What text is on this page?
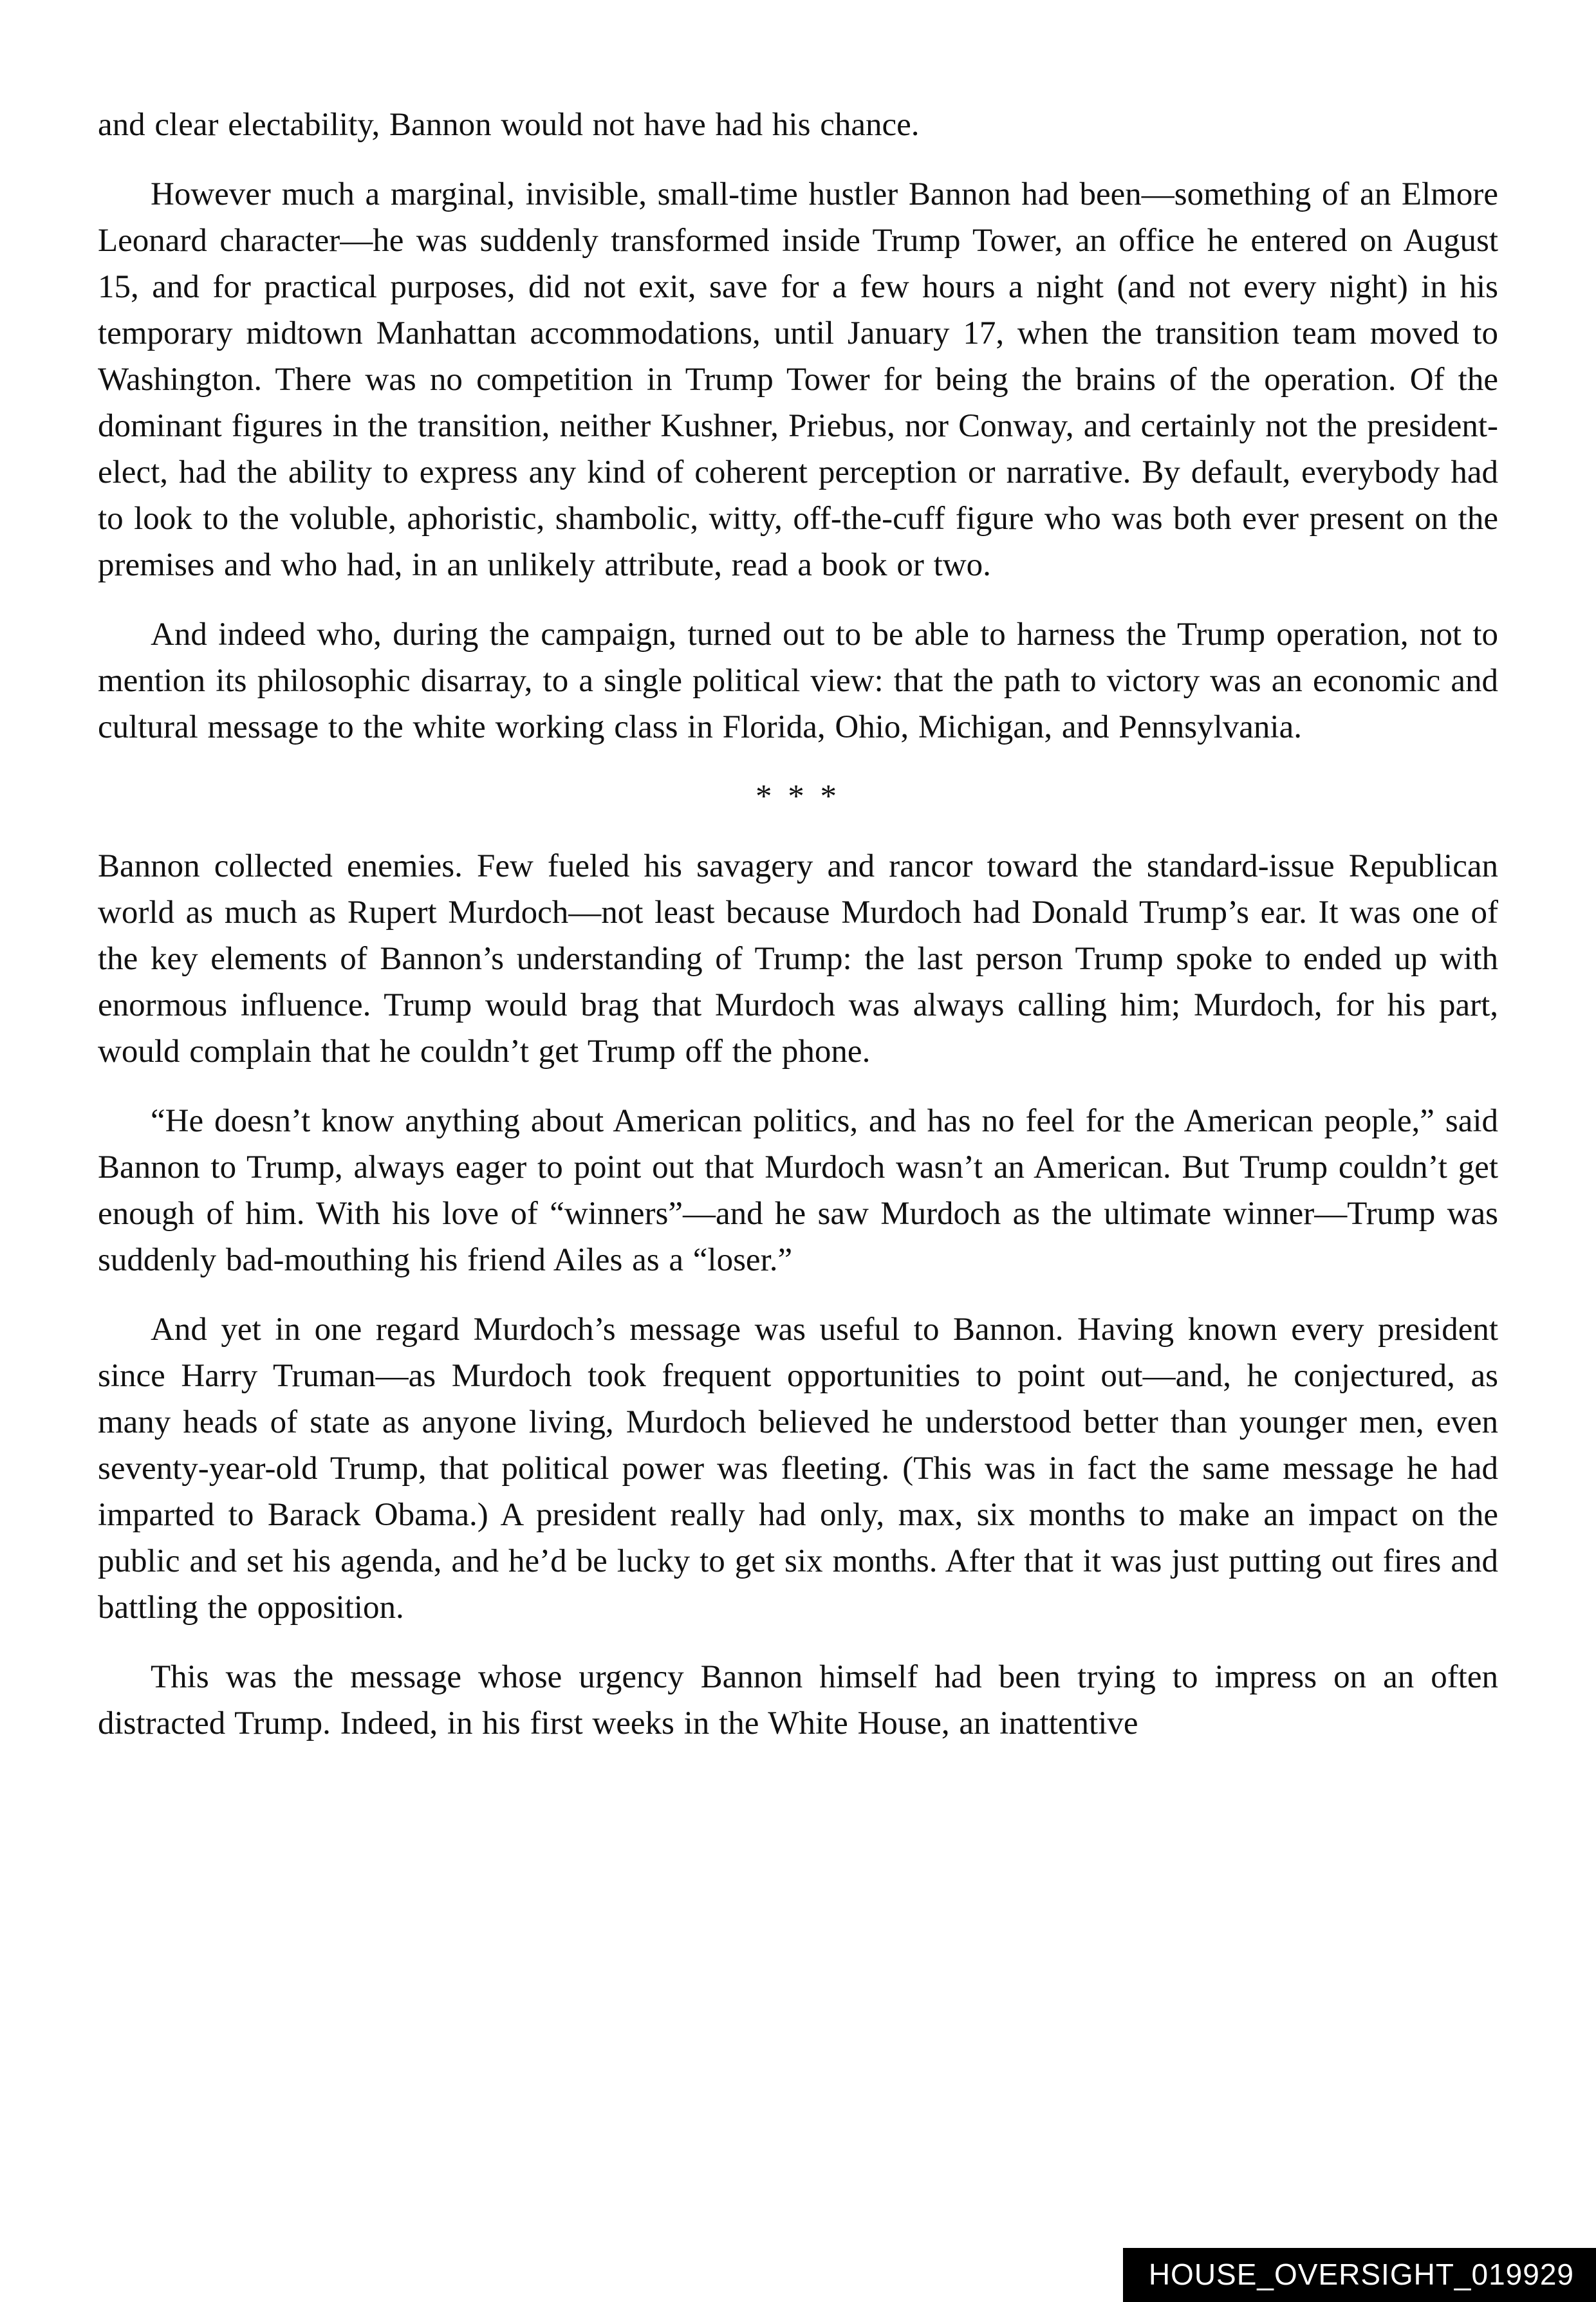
and clear electability, Bannon would not have had his chance.

However much a marginal, invisible, small-time hustler Bannon had been—something of an Elmore Leonard character—he was suddenly transformed inside Trump Tower, an office he entered on August 15, and for practical purposes, did not exit, save for a few hours a night (and not every night) in his temporary midtown Manhattan accommodations, until January 17, when the transition team moved to Washington. There was no competition in Trump Tower for being the brains of the operation. Of the dominant figures in the transition, neither Kushner, Priebus, nor Conway, and certainly not the president-elect, had the ability to express any kind of coherent perception or narrative. By default, everybody had to look to the voluble, aphoristic, shambolic, witty, off-the-cuff figure who was both ever present on the premises and who had, in an unlikely attribute, read a book or two.

And indeed who, during the campaign, turned out to be able to harness the Trump operation, not to mention its philosophic disarray, to a single political view: that the path to victory was an economic and cultural message to the white working class in Florida, Ohio, Michigan, and Pennsylvania.

* * *

Bannon collected enemies. Few fueled his savagery and rancor toward the standard-issue Republican world as much as Rupert Murdoch—not least because Murdoch had Donald Trump’s ear. It was one of the key elements of Bannon’s understanding of Trump: the last person Trump spoke to ended up with enormous influence. Trump would brag that Murdoch was always calling him; Murdoch, for his part, would complain that he couldn’t get Trump off the phone.

“He doesn’t know anything about American politics, and has no feel for the American people,” said Bannon to Trump, always eager to point out that Murdoch wasn’t an American. But Trump couldn’t get enough of him. With his love of “winners”—and he saw Murdoch as the ultimate winner—Trump was suddenly bad-mouthing his friend Ailes as a “loser.”

And yet in one regard Murdoch’s message was useful to Bannon. Having known every president since Harry Truman—as Murdoch took frequent opportunities to point out—and, he conjectured, as many heads of state as anyone living, Murdoch believed he understood better than younger men, even seventy-year-old Trump, that political power was fleeting. (This was in fact the same message he had imparted to Barack Obama.) A president really had only, max, six months to make an impact on the public and set his agenda, and he’d be lucky to get six months. After that it was just putting out fires and battling the opposition.

This was the message whose urgency Bannon himself had been trying to impress on an often distracted Trump. Indeed, in his first weeks in the White House, an inattentive

HOUSE_OVERSIGHT_019929
